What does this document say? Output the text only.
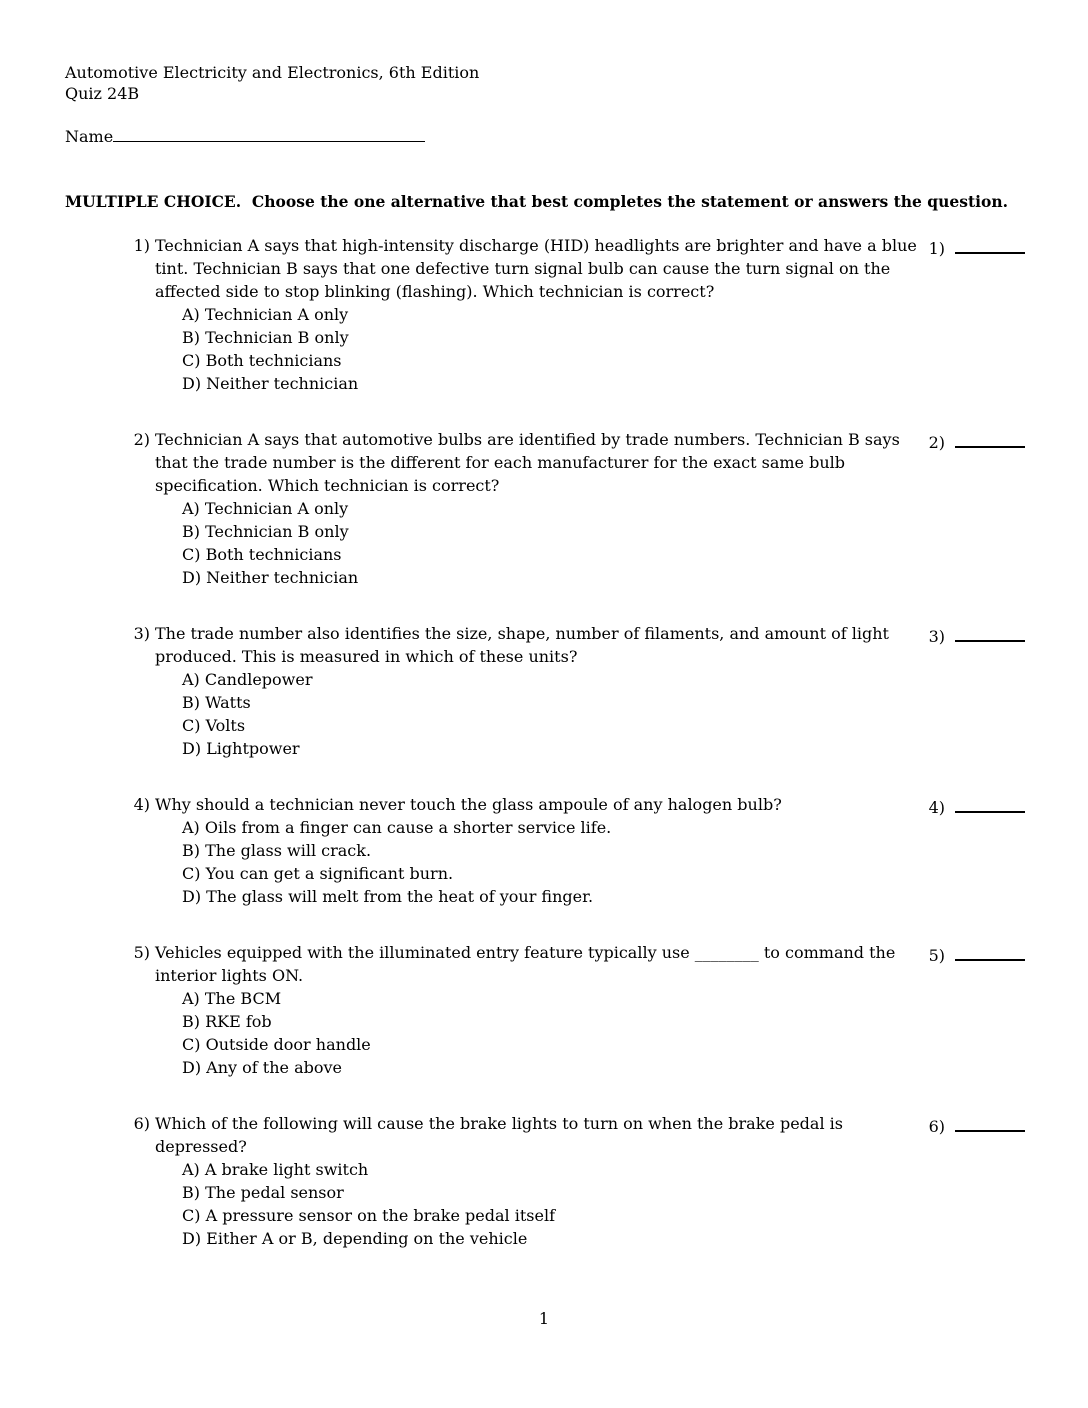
Automotive Electricity and Electronics, 6th Edition
Quiz 24B
Name
MULTIPLE CHOICE.  Choose the one alternative that best completes the statement or answers the question.
1) Technician A says that high-intensity discharge (HID) headlights are brighter and have a blue tint. Technician B says that one defective turn signal bulb can cause the turn signal on the affected side to stop blinking (flashing). Which technician is correct?
A) Technician A only
B) Technician B only
C) Both technicians
D) Neither technician
1)
2) Technician A says that automotive bulbs are identified by trade numbers. Technician B says that the trade number is the different for each manufacturer for the exact same bulb specification. Which technician is correct?
A) Technician A only
B) Technician B only
C) Both technicians
D) Neither technician
2)
3) The trade number also identifies the size, shape, number of filaments, and amount of light produced. This is measured in which of these units?
A) Candlepower
B) Watts
C) Volts
D) Lightpower
3)
4) Why should a technician never touch the glass ampoule of any halogen bulb?
A) Oils from a finger can cause a shorter service life.
B) The glass will crack.
C) You can get a significant burn.
D) The glass will melt from the heat of your finger.
4)
5) Vehicles equipped with the illuminated entry feature typically use ________ to command the interior lights ON.
A) The BCM
B) RKE fob
C) Outside door handle
D) Any of the above
5)
6) Which of the following will cause the brake lights to turn on when the brake pedal is depressed?
A) A brake light switch
B) The pedal sensor
C) A pressure sensor on the brake pedal itself
D) Either A or B, depending on the vehicle
6)
1
